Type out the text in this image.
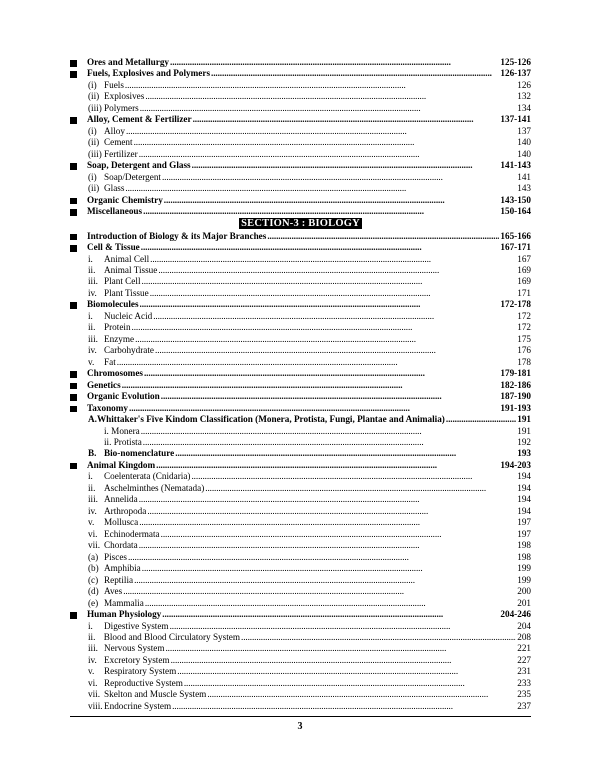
Ores and Metallurgy . . .	125-126
Fuels, Explosives and Polymers . . .	126-137
(i) Fuels . . .	126
(ii) Explosives . . .	132
(iii) Polymers . . .	134
Alloy, Cement & Fertilizer . . .	137-141
(i) Alloy . . .	137
(ii) Cement . . .	140
(iii) Fertilizer . . .	140
Soap, Detergent and Glass . . .	141-143
(i) Soap/Detergent . . .	141
(ii) Glass . . .	143
Organic Chemistry . . .	143-150
Miscellaneous . . .	150-164
SECTION-3 : BIOLOGY
Introduction of Biology & its Major Branches . . .	165-166
Cell & Tissue . . .	167-171
i.	Animal Cell . . .	167
ii. Animal Tissue . . .	169
iii. Plant Cell . . .	169
iv. Plant Tissue . . .	171
Biomolecules . . .	172-178
i.	Nucleic Acid . . .	172
ii. Protein . . .	172
iii. Enzyme . . .	175
iv. Carbohydrate . . .	176
v.	Fat . . .	178
Chromosomes . . .	179-181
Genetics . . .	182-186
Organic Evolution . . .	187-190
Taxonomy . . .	191-193
A. Whittaker's Five Kindom Classification (Monera, Protista, Fungi, Plantae and Animalia) . . .	191
i. Monera . . .	191
ii. Protista . . .	192
B. Bio-nomenclature . . .	193
Animal Kingdom . . .	194-203
i.	Coelenterata (Cnidaria) . . .	194
ii. Aschelminthes (Nematada) . . .	194
iii. Annelida . . .	194
iv. Arthropoda . . .	194
v.	Mollusca . . .	197
vi. Echinodermata . . .	197
vii. Chordata . . .	198
(a) Pisces . . .	198
(b) Amphibia . . .	199
(c) Reptilia . . .	199
(d) Aves . . .	200
(e) Mammalia . . .	201
Human Physiology . . .	204-246
i.	Digestive System . . .	204
ii. Blood and Blood Circulatory System . . .	208
iii. Nervous System . . .	221
iv. Excretory System . . .	227
v.	Respiratory System . . .	231
vi. Reproductive System . . .	233
vii. Skelton and Muscle System . . .	235
viii. Endocrine System . . .	237
3
